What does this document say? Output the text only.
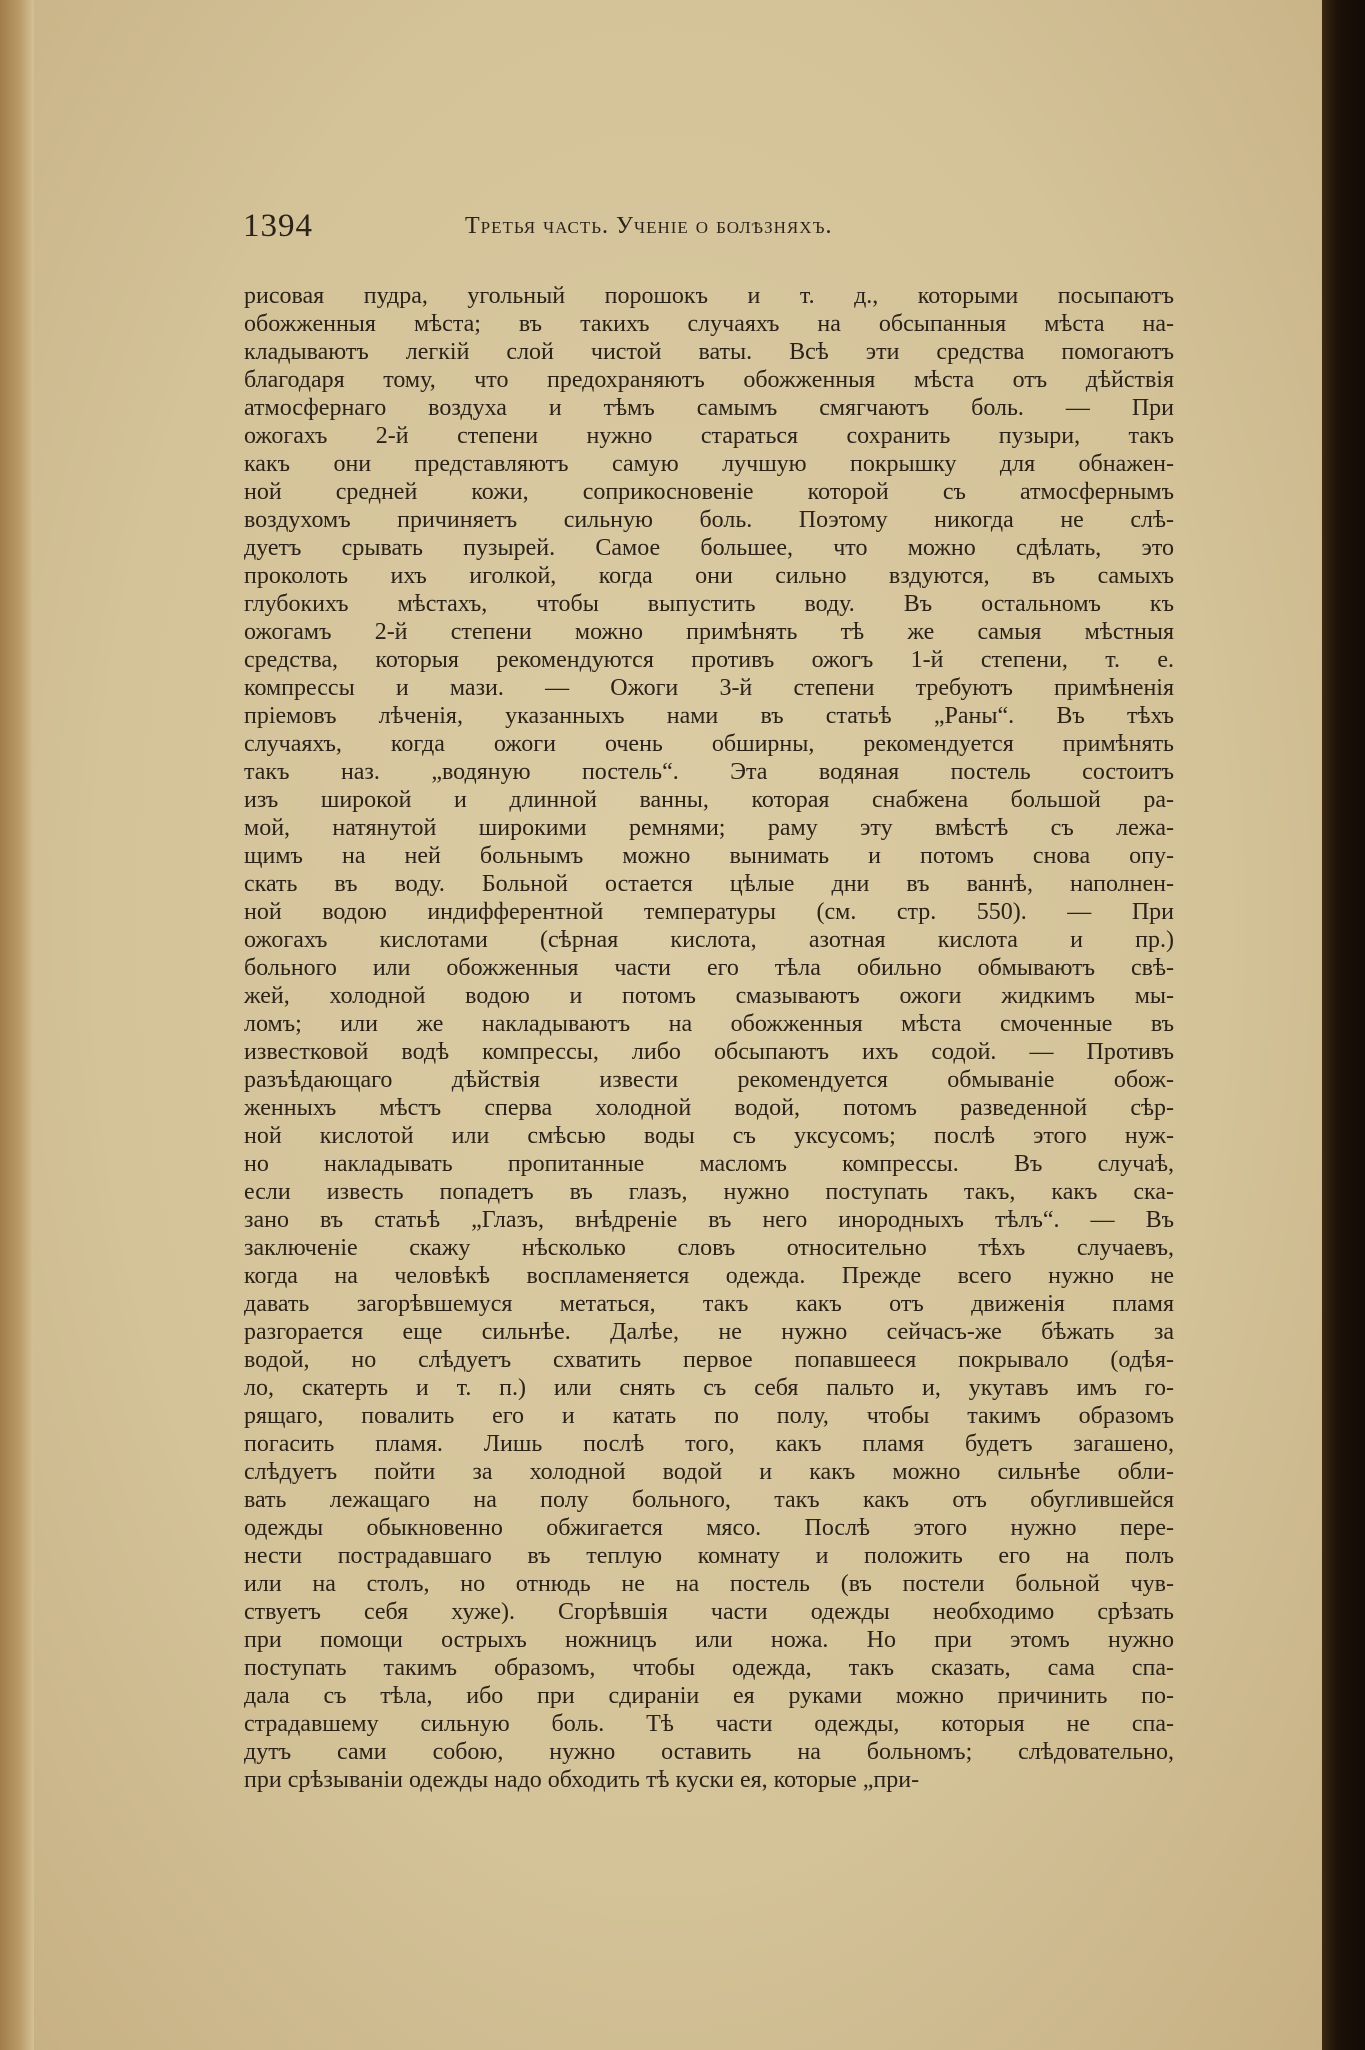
1394	Третья часть. Ученіе о болѣзняхъ.
рисовая пудра, угольный порошокъ и т. д., которыми посыпаютъ
обожженныя мѣста; въ такихъ случаяхъ на обсыпанныя мѣста на-
кладываютъ легкій слой чистой ваты. Всѣ эти средства помогаютъ
благодаря тому, что предохраняютъ обожженныя мѣста отъ дѣйствія
атмосфернаго воздуха и тѣмъ самымъ смягчаютъ боль. — При
ожогахъ 2-й степени нужно стараться сохранить пузыри, такъ
какъ они представляютъ самую лучшую покрышку для обнажен-
ной средней кожи, соприкосновеніе которой съ атмосфернымъ
воздухомъ причиняетъ сильную боль. Поэтому никогда не слѣ-
дуетъ срывать пузырей. Самое большее, что можно сдѣлать, это
проколоть ихъ иголкой, когда они сильно вздуются, въ самыхъ
глубокихъ мѣстахъ, чтобы выпустить воду. Въ остальномъ къ
ожогамъ 2-й степени можно примѣнять тѣ же самыя мѣстныя
средства, которыя рекомендуются противъ ожогъ 1-й степени, т. е.
компрессы и мази. — Ожоги 3-й степени требуютъ примѣненія
пріемовъ лѣченія, указанныхъ нами въ статьѣ „Раны“. Въ тѣхъ
случаяхъ, когда ожоги очень обширны, рекомендуется примѣнять
такъ наз. „водяную постель“. Эта водяная постель состоитъ
изъ широкой и длинной ванны, которая снабжена большой ра-
мой, натянутой широкими ремнями; раму эту вмѣстѣ съ лежа-
щимъ на ней больнымъ можно вынимать и потомъ снова опу-
скать въ воду. Больной остается цѣлые дни въ ваннѣ, наполнен-
ной водою индифферентной температуры (см. стр. 550). — При
ожогахъ кислотами (сѣрная кислота, азотная кислота и пр.)
больного или обожженныя части его тѣла обильно обмываютъ свѣ-
жей, холодной водою и потомъ смазываютъ ожоги жидкимъ мы-
ломъ; или же накладываютъ на обожженныя мѣста смоченные въ
известковой водѣ компрессы, либо обсыпаютъ ихъ содой. — Противъ
разъѣдающаго дѣйствія извести рекомендуется обмываніе обож-
женныхъ мѣстъ сперва холодной водой, потомъ разведенной сѣр-
ной кислотой или смѣсью воды съ уксусомъ; послѣ этого нуж-
но накладывать пропитанные масломъ компрессы. Въ случаѣ,
если известь попадетъ въ глазъ, нужно поступать такъ, какъ ска-
зано въ статьѣ „Глазъ, внѣдреніе въ него инородныхъ тѣлъ“. — Въ
заключеніе скажу нѣсколько словъ относительно тѣхъ случаевъ,
когда на человѣкѣ воспламеняется одежда. Прежде всего нужно не
давать загорѣвшемуся метаться, такъ какъ отъ движенія пламя
разгорается еще сильнѣе. Далѣе, не нужно сейчасъ-же бѣжать за
водой, но слѣдуетъ схватить первое попавшееся покрывало (одѣя-
ло, скатерть и т. п.) или снять съ себя пальто и, укутавъ имъ го-
рящаго, повалить его и катать по полу, чтобы такимъ образомъ
погасить пламя. Лишь послѣ того, какъ пламя будетъ загашено,
слѣдуетъ пойти за холодной водой и какъ можно сильнѣе обли-
вать лежащаго на полу больного, такъ какъ отъ обуглившейся
одежды обыкновенно обжигается мясо. Послѣ этого нужно пере-
нести пострадавшаго въ теплую комнату и положить его на полъ
или на столъ, но отнюдь не на постель (въ постели больной чув-
ствуетъ себя хуже). Сгорѣвшія части одежды необходимо срѣзать
при помощи острыхъ ножницъ или ножа. Но при этомъ нужно
поступать такимъ образомъ, чтобы одежда, такъ сказать, сама спа-
дала съ тѣла, ибо при сдираніи ея руками можно причинить по-
страдавшему сильную боль. Тѣ части одежды, которыя не спа-
дутъ сами собою, нужно оставить на больномъ; слѣдовательно,
при срѣзываніи одежды надо обходить тѣ куски ея, которые „при-
